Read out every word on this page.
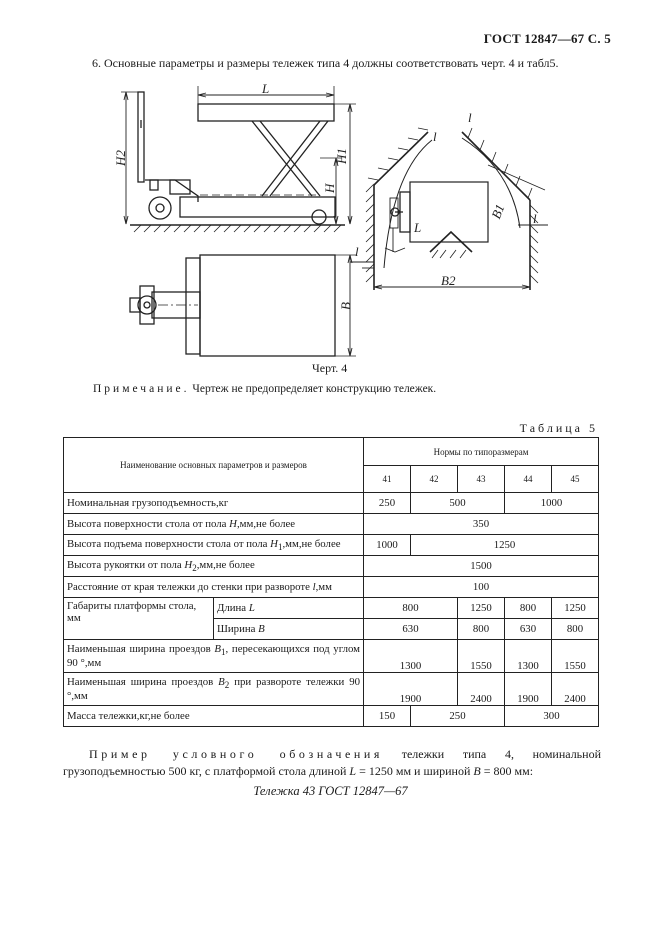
ГОСТ 12847—67 С. 5
6. Основные параметры и размеры тележек типа 4 должны соответствовать черт. 4 и табл5.
L
H2	H1
H
l
l
l
l
L
B1
B2
B
Черт. 4
Примечание. Чертеж не предопределяет конструкцию тележек.
Таблица 5
Наименование основных параметров и размеров		Нормы по типоразмерам				
		41	42	43	44	45
Номинальная грузоподъемность,кг		250	500		1000	
Высота поверхности стола от пола H,мм,не более		350				
Высота подъема поверхности стола от пола $H_1,мм,не$ более		1000	1250			
Высота рукоятки от пола $H_2,мм,не$ более		1500				
Расстояние от края тележки до стенки при развороте l,мм		100				
Габариты платформы стола, мм	Длина L	800		1250	800	1250
	Ширина B	630		800	630	800
Наименьшая ширина проездов $B_1$, пересекающихся под углом 90 °,мм		1300		1550	1300	1550
Наименьшая ширина проездов $B_2$ при развороте тележки 90 °,мм		1900		2400	1900	2400
Масса тележки,кг,не более		150	250		300	
Пример условного обозначения тележки типа 4, номинальной грузоподъемностью 500 кг, с платформой стола длиной L = 1250 мм и шириной B = 800 мм:
Тележка 43 ГОСТ 12847—67
